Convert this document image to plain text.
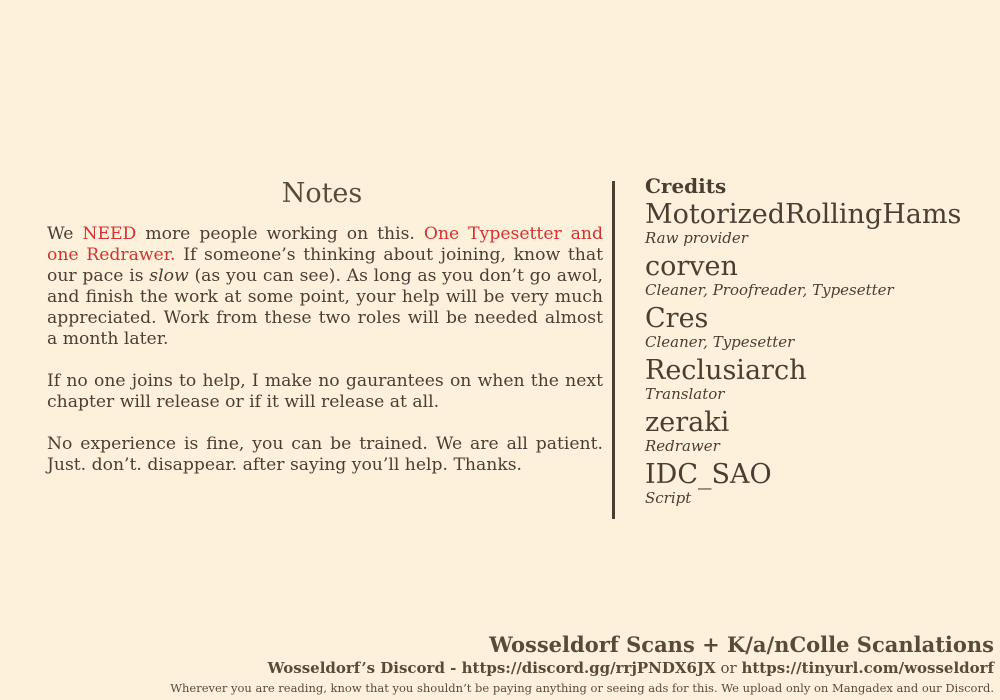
Notes

We NEED more people working on this. One Typesetter and one Redrawer. If someone’s thinking about joining, know that our pace is slow (as you can see). As long as you don’t go awol, and finish the work at some point, your help will be very much appreciated. Work from these two roles will be needed almost a month later.

If no one joins to help, I make no gaurantees on when the next chapter will release or if it will release at all.

No experience is fine, you can be trained. We are all patient. Just. don’t. disappear. after saying you’ll help. Thanks.

Credits
MotorizedRollingHams
Raw provider
corven
Cleaner, Proofreader, Typesetter
Cres
Cleaner, Typesetter
Reclusiarch
Translator
zeraki
Redrawer
IDC_SAO
Script
Wosseldorf Scans + K/a/nColle Scanlations
Wosseldorf’s Discord - https://discord.gg/rrjPNDX6JX or https://tinyurl.com/wosseldorf
Wherever you are reading, know that you shouldn’t be paying anything or seeing ads for this. We upload only on Mangadex and our Discord.
